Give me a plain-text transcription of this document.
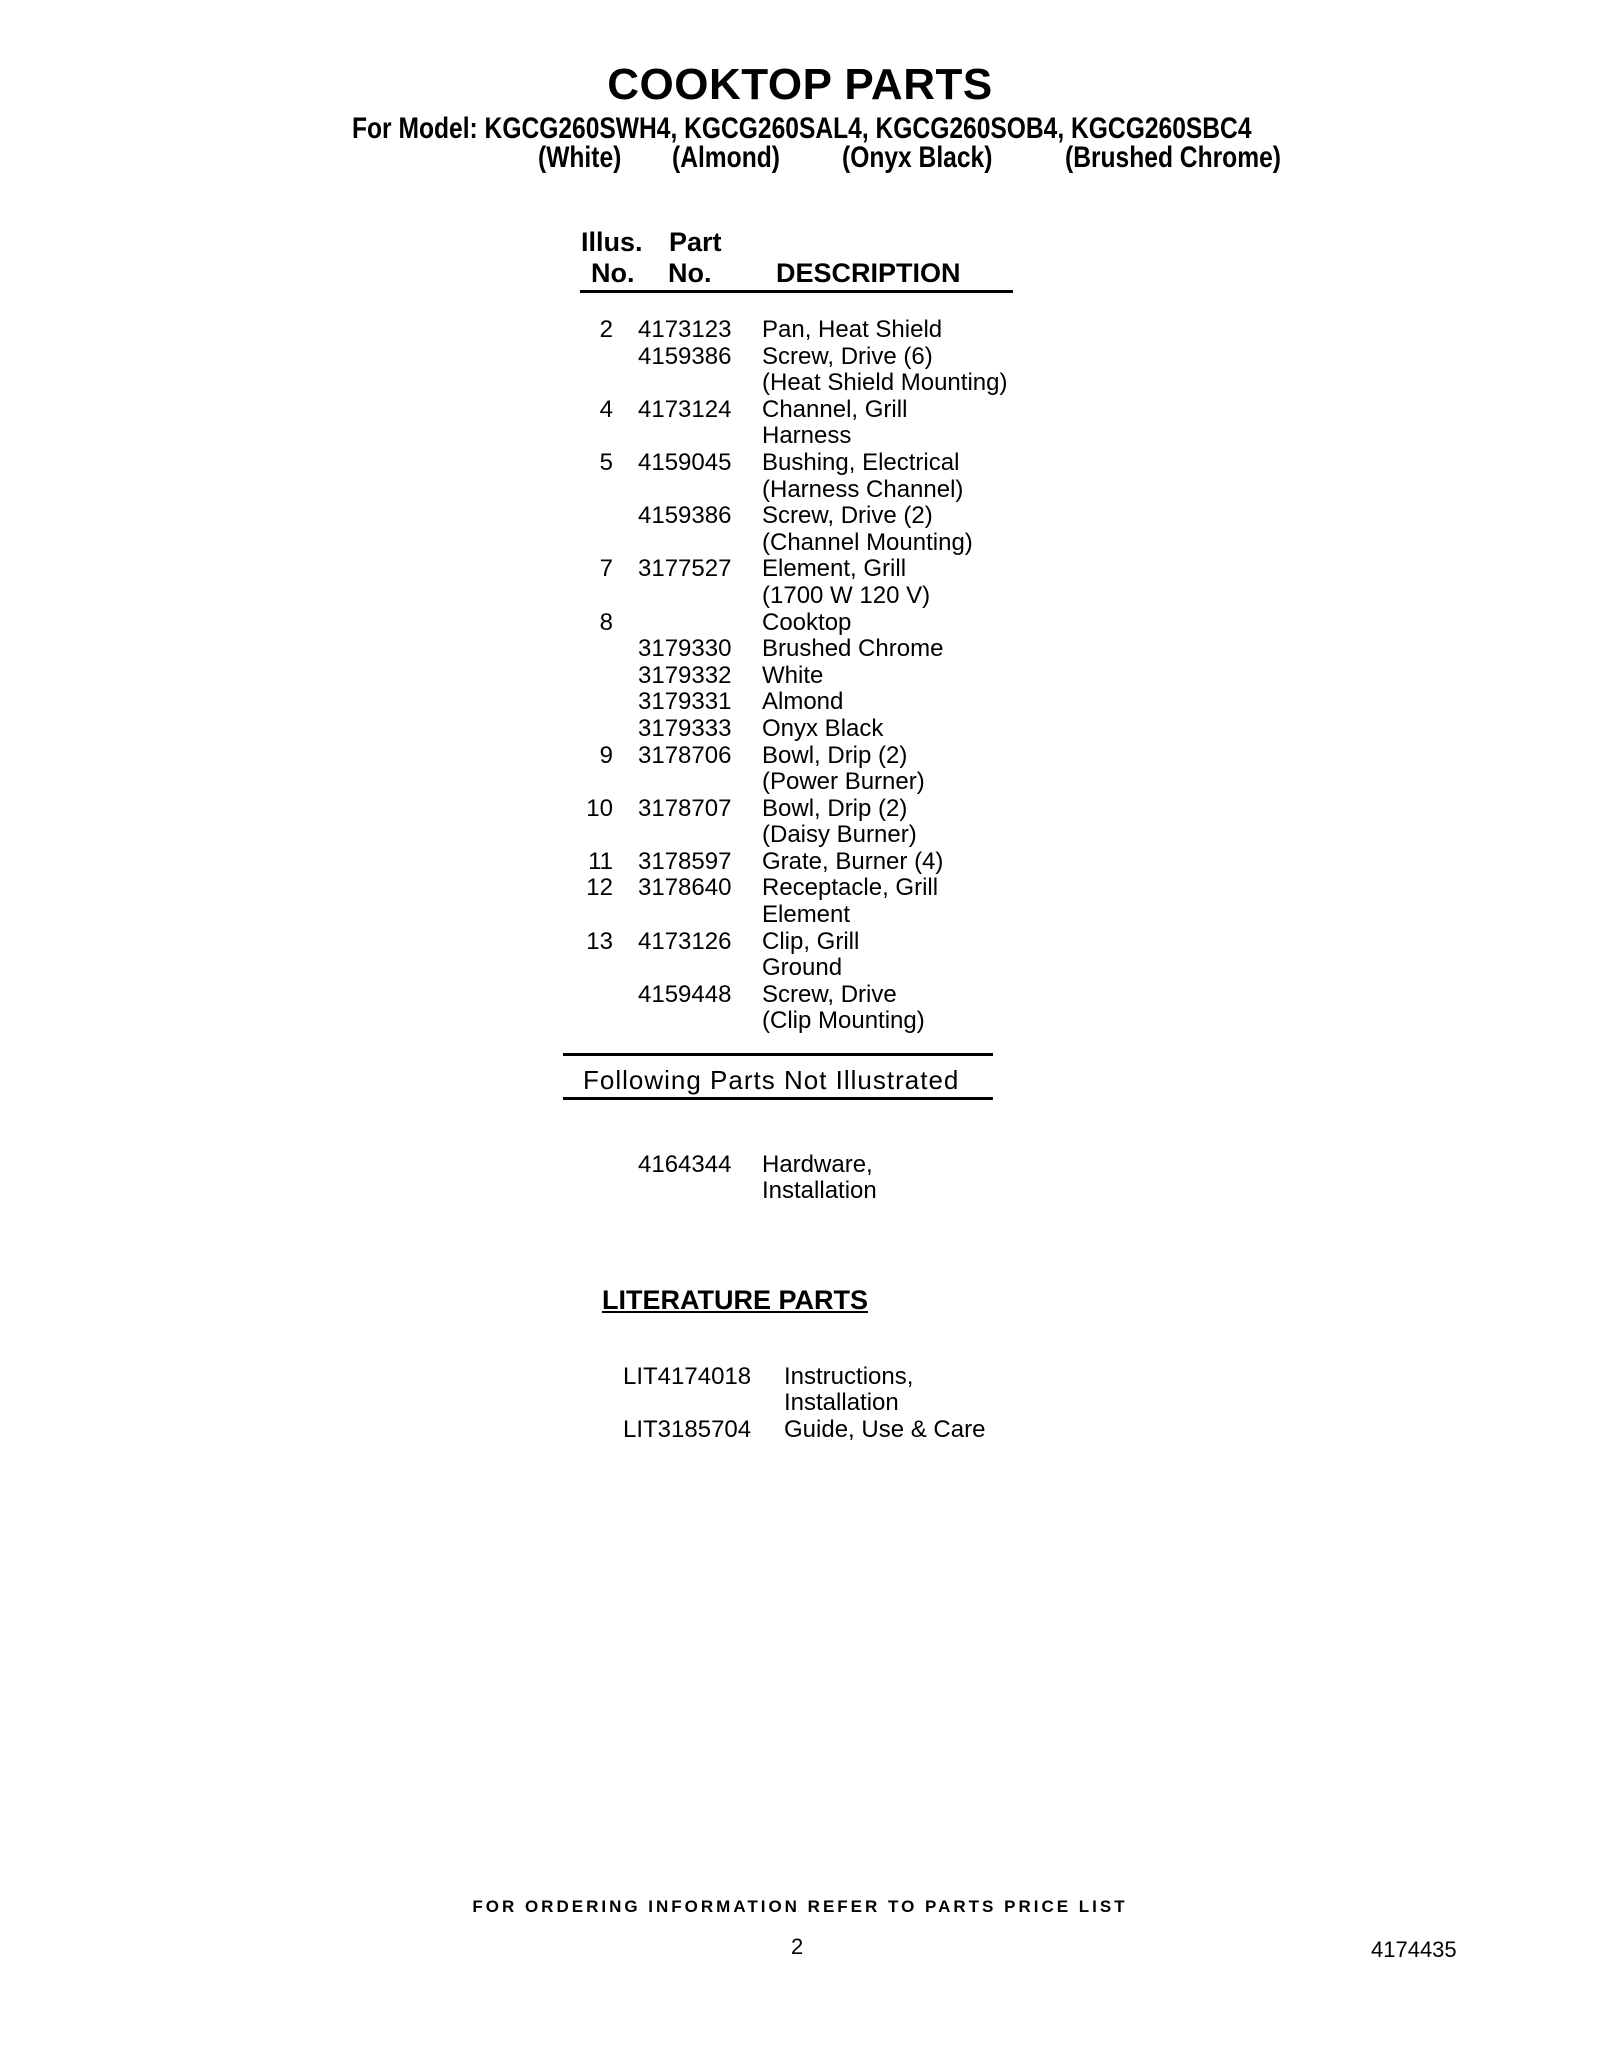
COOKTOP PARTS
For Model: KGCG260SWH4, KGCG260SAL4, KGCG260SOB4, KGCG260SBC4
(White) (Almond) (Onyx Black) (Brushed Chrome)
Illus.
No.
Part
No. DESCRIPTION
2 4173123 Pan, Heat Shield
4159386 Screw, Drive (6)
(Heat Shield Mounting)
4 4173124 Channel, Grill
Harness
5 4159045 Bushing, Electrical
(Harness Channel)
4159386 Screw, Drive (2)
(Channel Mounting)
7 3177527 Element, Grill
(1700 W 120 V)
8	Cooktop
3179330 Brushed Chrome
3179332 White
3179331 Almond
3179333 Onyx Black
9 3178706 Bowl, Drip (2)
(Power Burner)
10 3178707 Bowl, Drip (2)
(Daisy Burner)
11 3178597 Grate, Burner (4)
12 3178640 Receptacle, Grill
Element
13 4173126 Clip, Grill
Ground
4159448 Screw, Drive
(Clip Mounting)
Following Parts Not Illustrated
4164344 Hardware,
Installation
LITERATURE PARTS
LIT4174018 Instructions,
Installation
LIT3185704 Guide, Use & Care
FOR ORDERING INFORMATION REFER TO PARTS PRICE LIST
2	4174435
